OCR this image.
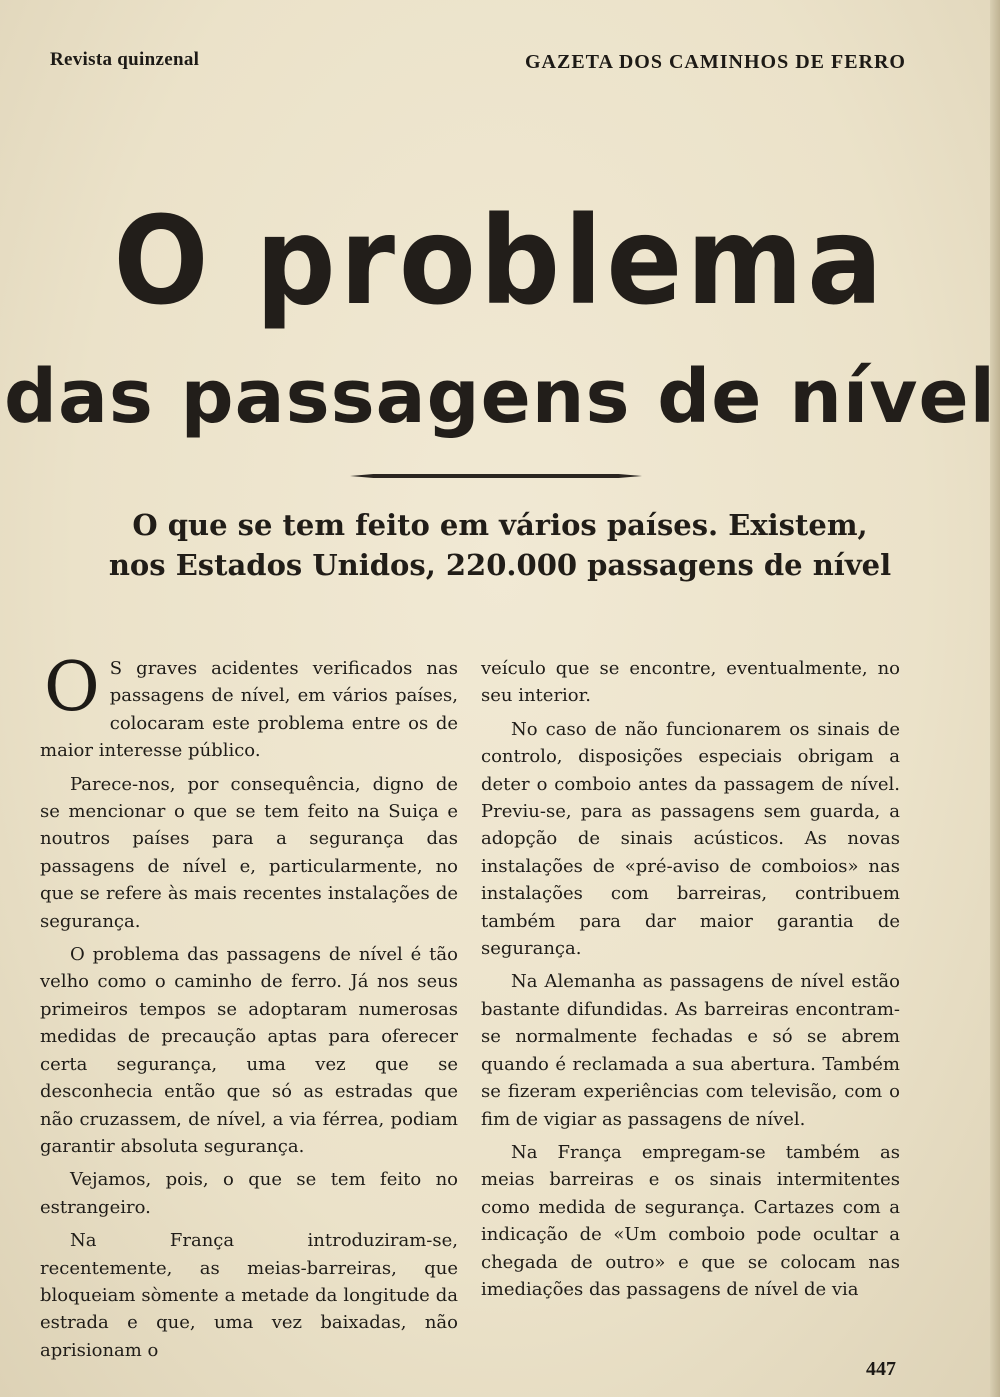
Revista quinzenal	GAZETA DOS CAMINHOS DE FERRO
O problema
das passagens de nível
O que se tem feito em vários países. Existem,
nos Estados Unidos, 220.000 passagens de nível

O S graves acidentes verificados nas passagens de nível, em vários países, colocaram este problema entre os de maior interesse público.

Parece-nos, por consequência, digno de se mencionar o que se tem feito na Suiça e noutros países para a segurança das passagens de nível e, particularmente, no que se refere às mais recentes instalações de segurança.

O problema das passagens de nível é tão velho como o caminho de ferro. Já nos seus primeiros tempos se adoptaram numerosas medidas de precaução aptas para oferecer certa segurança, uma vez que se desconhecia então que só as estradas que não cruzassem, de nível, a via férrea, podiam garantir absoluta segurança.

Vejamos, pois, o que se tem feito no estrangeiro.

Na França introduziram-se, recentemente, as meias-barreiras, que bloqueiam sòmente a metade da longitude da estrada e que, uma vez baixadas, não aprisionam o

veículo que se encontre, eventualmente, no seu interior.

No caso de não funcionarem os sinais de controlo, disposições especiais obrigam a deter o comboio antes da passagem de nível. Previu-se, para as passagens sem guarda, a adopção de sinais acústicos. As novas instalações de «pré-aviso de comboios» nas instalações com barreiras, contribuem também para dar maior garantia de segurança.

Na Alemanha as passagens de nível estão bastante difundidas. As barreiras encontram-se normalmente fechadas e só se abrem quando é reclamada a sua abertura. Também se fizeram experiências com televisão, com o fim de vigiar as passagens de nível.

Na França empregam-se também as meias barreiras e os sinais intermitentes como medida de segurança. Cartazes com a indicação de «Um comboio pode ocultar a chegada de outro» e que se colocam nas imediações das passagens de nível de via

447
